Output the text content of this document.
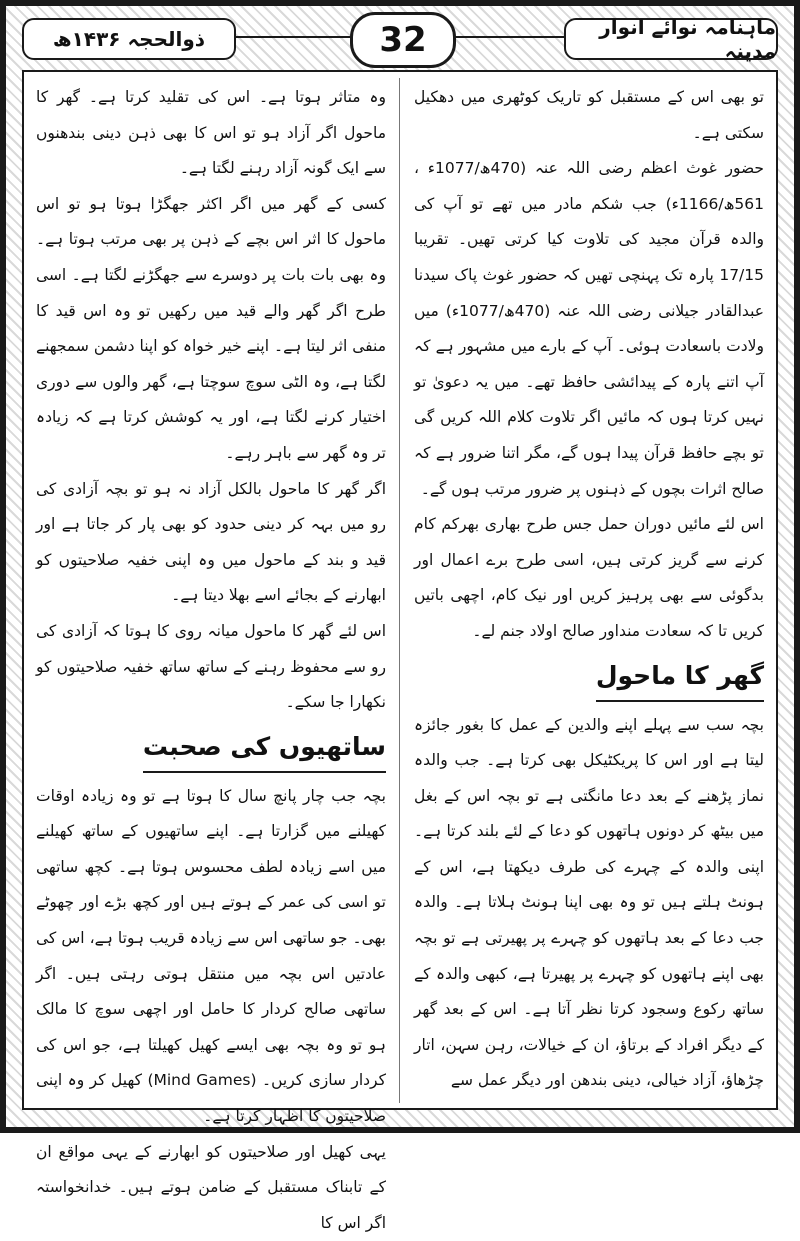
ماہنامہ نوائے انوار مدینہ
32
ذوالحجہ ۱۴۳۶ھ

تو بھی اس کے مستقبل کو تاریک کوٹھری میں دھکیل سکتی ہے۔

حضور غوث اعظم رضی اللہ عنہ (470ھ/1077ء ، 561ھ/1166ء) جب شکم مادر میں تھے تو آپ کی والدہ قرآن مجید کی تلاوت کیا کرتی تھیں۔ تقریبا 17/15 پارہ تک پہنچی تھیں کہ حضور غوث پاک سیدنا عبدالقادر جیلانی رضی اللہ عنہ (470ھ/1077ء) میں ولادت باسعادت ہوئی۔ آپ کے بارے میں مشہور ہے کہ آپ اتنے پارہ کے پیدائشی حافظ تھے۔ میں یہ دعویٰ تو نہیں کرتا ہوں کہ مائیں اگر تلاوت کلام اللہ کریں گی تو بچے حافظ قرآن پیدا ہوں گے، مگر اتنا ضرور ہے کہ صالح اثرات بچوں کے ذہنوں پر ضرور مرتب ہوں گے۔

اس لئے مائیں دوران حمل جس طرح بھاری بھرکم کام کرنے سے گریز کرتی ہیں، اسی طرح برے اعمال اور بدگوئی سے بھی پرہیز کریں اور نیک کام، اچھی باتیں کریں تا کہ سعادت منداور صالح اولاد جنم لے۔

گھر کا ماحول

بچہ سب سے پہلے اپنے والدین کے عمل کا بغور جائزہ لیتا ہے اور اس کا پریکٹیکل بھی کرتا ہے۔ جب والدہ نماز پڑھنے کے بعد دعا مانگتی ہے تو بچہ اس کے بغل میں بیٹھ کر دونوں ہاتھوں کو دعا کے لئے بلند کرتا ہے۔ اپنی والدہ کے چہرے کی طرف دیکھتا ہے، اس کے ہونٹ ہلتے ہیں تو وہ بھی اپنا ہونٹ ہلاتا ہے۔ والدہ جب دعا کے بعد ہاتھوں کو چہرے پر پھیرتی ہے تو بچہ بھی اپنے ہاتھوں کو چہرے پر پھیرتا ہے، کبھی والدہ کے ساتھ رکوع وسجود کرتا نظر آتا ہے۔ اس کے بعد گھر کے دیگر افراد کے برتاؤ، ان کے خیالات، رہن سہن، اتار چڑھاؤ، آزاد خیالی، دینی بندھن اور دیگر عمل سے

وہ متاثر ہوتا ہے۔ اس کی تقلید کرتا ہے۔ گھر کا ماحول اگر آزاد ہو تو اس کا بھی ذہن دینی بندھنوں سے ایک گونہ آزاد رہنے لگتا ہے۔

کسی کے گھر میں اگر اکثر جھگڑا ہوتا ہو تو اس ماحول کا اثر اس بچے کے ذہن پر بھی مرتب ہوتا ہے۔ وہ بھی بات بات پر دوسرے سے جھگڑنے لگتا ہے۔ اسی طرح اگر گھر والے قید میں رکھیں تو وہ اس قید کا منفی اثر لیتا ہے۔ اپنے خیر خواہ کو اپنا دشمن سمجھنے لگتا ہے، وہ الٹی سوچ سوچتا ہے، گھر والوں سے دوری اختیار کرنے لگتا ہے، اور یہ کوشش کرتا ہے کہ زیادہ تر وہ گھر سے باہر رہے۔

اگر گھر کا ماحول بالکل آزاد نہ ہو تو بچہ آزادی کی رو میں بہہ کر دینی حدود کو بھی پار کر جاتا ہے اور قید و بند کے ماحول میں وہ اپنی خفیہ صلاحیتوں کو ابھارنے کے بجائے اسے بھلا دیتا ہے۔

اس لئے گھر کا ماحول میانہ روی کا ہوتا کہ آزادی کی رو سے محفوظ رہنے کے ساتھ ساتھ خفیہ صلاحیتوں کو نکھارا جا سکے۔

ساتھیوں کی صحبت

بچہ جب چار پانچ سال کا ہوتا ہے تو وہ زیادہ اوقات کھیلنے میں گزارتا ہے۔ اپنے ساتھیوں کے ساتھ کھیلنے میں اسے زیادہ لطف محسوس ہوتا ہے۔ کچھ ساتھی تو اسی کی عمر کے ہوتے ہیں اور کچھ بڑے اور چھوٹے بھی۔ جو ساتھی اس سے زیادہ قریب ہوتا ہے، اس کی عادتیں اس بچہ میں منتقل ہوتی رہتی ہیں۔ اگر ساتھی صالح کردار کا حامل اور اچھی سوچ کا مالک ہو تو وہ بچہ بھی ایسے کھیل کھیلتا ہے، جو اس کی کردار سازی کریں۔ (Mind Games) کھیل کر وہ اپنی صلاحیتوں کا اظہار کرتا ہے۔

یہی کھیل اور صلاحیتوں کو ابھارنے کے یہی مواقع ان کے تابناک مستقبل کے ضامن ہوتے ہیں۔ خدانخواستہ اگر اس کا
